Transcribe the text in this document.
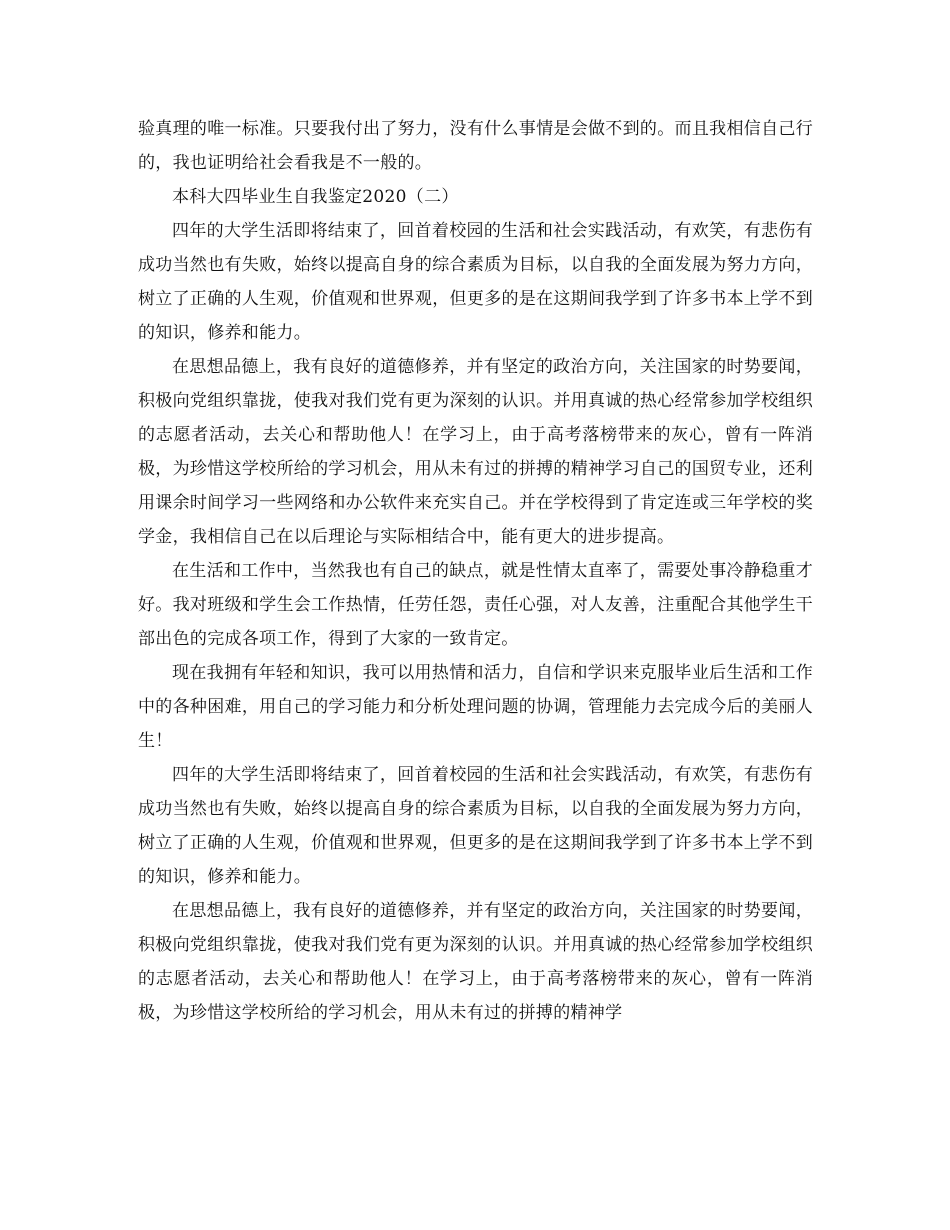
验真理的唯一标准。只要我付出了努力，没有什么事情是会做不到的。而且我相信自己行的，我也证明给社会看我是不一般的。

本科大四毕业生自我鉴定2020（二）

四年的大学生活即将结束了，回首着校园的生活和社会实践活动，有欢笑，有悲伤有成功当然也有失败，始终以提高自身的综合素质为目标，以自我的全面发展为努力方向，树立了正确的人生观，价值观和世界观，但更多的是在这期间我学到了许多书本上学不到的知识，修养和能力。

在思想品德上，我有良好的道德修养，并有坚定的政治方向，关注国家的时势要闻，积极向党组织靠拢，使我对我们党有更为深刻的认识。并用真诚的热心经常参加学校组织的志愿者活动，去关心和帮助他人！在学习上，由于高考落榜带来的灰心，曾有一阵消极，为珍惜这学校所给的学习机会，用从未有过的拼搏的精神学习自己的国贸专业，还利用课余时间学习一些网络和办公软件来充实自己。并在学校得到了肯定连或三年学校的奖学金，我相信自己在以后理论与实际相结合中，能有更大的进步提高。

在生活和工作中，当然我也有自己的缺点，就是性情太直率了，需要处事冷静稳重才好。我对班级和学生会工作热情，任劳任怨，责任心强，对人友善，注重配合其他学生干部出色的完成各项工作，得到了大家的一致肯定。

现在我拥有年轻和知识，我可以用热情和活力，自信和学识来克服毕业后生活和工作中的各种困难，用自己的学习能力和分析处理问题的协调，管理能力去完成今后的美丽人生！

四年的大学生活即将结束了，回首着校园的生活和社会实践活动，有欢笑，有悲伤有成功当然也有失败，始终以提高自身的综合素质为目标，以自我的全面发展为努力方向，树立了正确的人生观，价值观和世界观，但更多的是在这期间我学到了许多书本上学不到的知识，修养和能力。

在思想品德上，我有良好的道德修养，并有坚定的政治方向，关注国家的时势要闻，积极向党组织靠拢，使我对我们党有更为深刻的认识。并用真诚的热心经常参加学校组织的志愿者活动，去关心和帮助他人！在学习上，由于高考落榜带来的灰心，曾有一阵消极，为珍惜这学校所给的学习机会，用从未有过的拼搏的精神学
